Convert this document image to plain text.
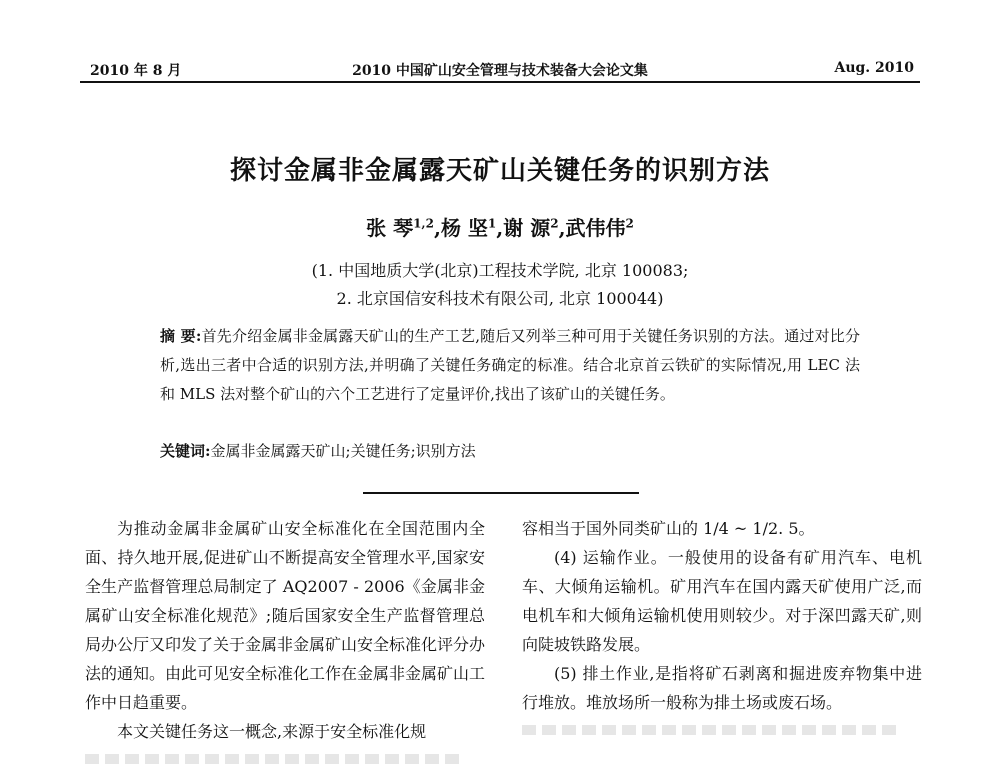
2010 年 8 月	2010 中国矿山安全管理与技术装备大会论文集	Aug. 2010
探讨金属非金属露天矿山关键任务的识别方法
张 琴$^{1,2}$,杨 坚$^1$,谢 源$^2$,武伟伟$^2$
(1. 中国地质大学(北京)工程技术学院, 北京 100083;
2. 北京国信安科技术有限公司, 北京 100044)
摘 要:首先介绍金属非金属露天矿山的生产工艺,随后又列举三种可用于关键任务识别的方法。通过对比分析,选出三者中合适的识别方法,并明确了关键任务确定的标准。结合北京首云铁矿的实际情况,用 LEC 法和 MLS 法对整个矿山的六个工艺进行了定量评价,找出了该矿山的关键任务。
关键词:金属非金属露天矿山;关键任务;识别方法

为推动金属非金属矿山安全标准化在全国范围内全面、持久地开展,促进矿山不断提高安全管理水平,国家安全生产监督管理总局制定了 AQ2007 - 2006《金属非金属矿山安全标准化规范》;随后国家安全生产监督管理总局办公厅又印发了关于金属非金属矿山安全标准化评分办法的通知。由此可见安全标准化工作在金属非金属矿山工作中日趋重要。

本文关键任务这一概念,来源于安全标准化规

容相当于国外同类矿山的 1/4 ~ 1/2. 5。

(4) 运输作业。一般使用的设备有矿用汽车、电机车、大倾角运输机。矿用汽车在国内露天矿使用广泛,而电机车和大倾角运输机使用则较少。对于深凹露天矿,则向陡坡铁路发展。

(5) 排土作业,是指将矿石剥离和掘进废弃物集中进行堆放。堆放场所一般称为排土场或废石场。
